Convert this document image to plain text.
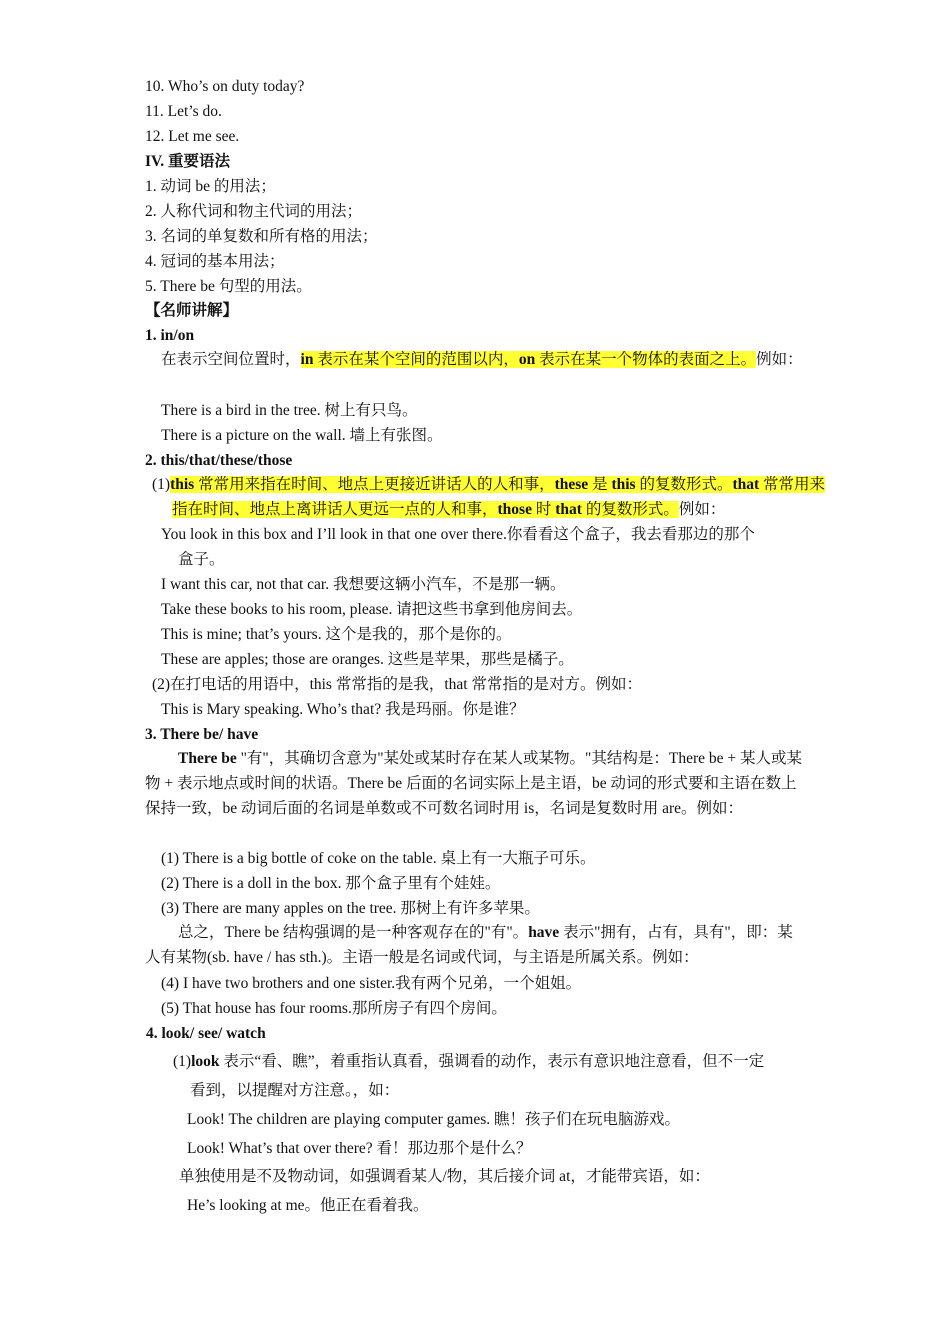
10. Who’s on duty today?
11. Let’s do.
12. Let me see.
IV. 重要语法
1. 动词 be 的用法；
2. 人称代词和物主代词的用法；
3. 名词的单复数和所有格的用法；
4. 冠词的基本用法；
5. There be 句型的用法。
【名师讲解】
1. in/on
在表示空间位置时，in 表示在某个空间的范围以内，on 表示在某一个物体的表面之上。例如：
There is a bird in the tree. 树上有只鸟。
There is a picture on the wall. 墙上有张图。
2. this/that/these/those
(1)this 常常用来指在时间、地点上更接近讲话人的人和事，these 是 this 的复数形式。that 常常用来指在时间、地点上离讲话人更远一点的人和事，those 时 that 的复数形式。例如：
You look in this box and I’ll look in that one over there.你看看这个盒子，我去看那边的那个
盒子。
I want this car, not that car. 我想要这辆小汽车，不是那一辆。
Take these books to his room, please. 请把这些书拿到他房间去。
This is mine; that’s yours. 这个是我的，那个是你的。
These are apples; those are oranges. 这些是苹果，那些是橘子。
(2)在打电话的用语中，this 常常指的是我，that 常常指的是对方。例如：
This is Mary speaking. Who’s that? 我是玛丽。你是谁？
3. There be/ have
There be "有"，其确切含意为"某处或某时存在某人或某物。"其结构是：There be + 某人或某物 + 表示地点或时间的状语。There be 后面的名词实际上是主语，be 动词的形式要和主语在数上保持一致，be 动词后面的名词是单数或不可数名词时用 is，名词是复数时用 are。例如：
(1) There is a big bottle of coke on the table. 桌上有一大瓶子可乐。
(2) There is a doll in the box. 那个盒子里有个娃娃。
(3) There are many apples on the tree. 那树上有许多苹果。
总之，There be 结构强调的是一种客观存在的"有"。have 表示"拥有，占有，具有"，即：某人有某物(sb. have / has sth.)。主语一般是名词或代词，与主语是所属关系。例如：
(4) I have two brothers and one sister.我有两个兄弟，一个姐姐。
(5) That house has four rooms.那所房子有四个房间。
4. look/ see/ watch
(1)look 表示“看、瞧”，着重指认真看，强调看的动作，表示有意识地注意看，但不一定
看到，以提醒对方注意。，如：
Look! The children are playing computer games. 瞧！孩子们在玩电脑游戏。
Look! What’s that over there? 看！那边那个是什么？
单独使用是不及物动词，如强调看某人/物，其后接介词 at，才能带宾语，如：
He’s looking at me。他正在看着我。
